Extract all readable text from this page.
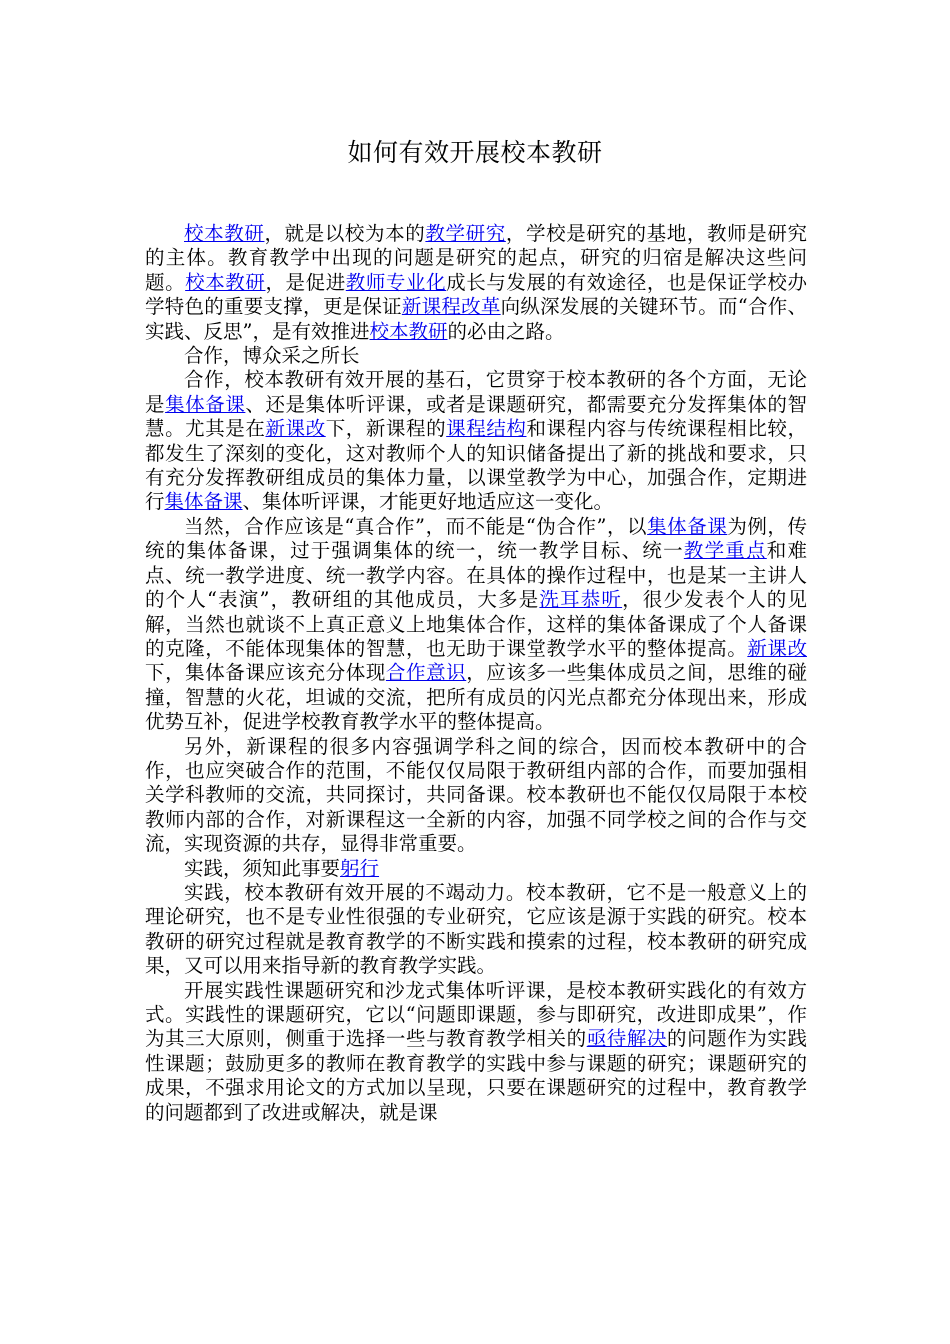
如何有效开展校本教研

校本教研，就是以校为本的教学研究，学校是研究的基地，教师是研究的主体。教育教学中出现的问题是研究的起点，研究的归宿是解决这些问题。校本教研，是促进教师专业化成长与发展的有效途径，也是保证学校办学特色的重要支撑，更是保证新课程改革向纵深发展的关键环节。而“合作、实践、反思”，是有效推进校本教研的必由之路。

合作，博众采之所长

合作，校本教研有效开展的基石，它贯穿于校本教研的各个方面，无论是集体备课、还是集体听评课，或者是课题研究，都需要充分发挥集体的智慧。尤其是在新课改下，新课程的课程结构和课程内容与传统课程相比较，都发生了深刻的变化，这对教师个人的知识储备提出了新的挑战和要求，只有充分发挥教研组成员的集体力量，以课堂教学为中心，加强合作，定期进行集体备课、集体听评课，才能更好地适应这一变化。

当然，合作应该是“真合作”，而不能是“伪合作”，以集体备课为例，传统的集体备课，过于强调集体的统一，统一教学目标、统一教学重点和难点、统一教学进度、统一教学内容。在具体的操作过程中，也是某一主讲人的个人“表演”，教研组的其他成员，大多是洗耳恭听，很少发表个人的见解，当然也就谈不上真正意义上地集体合作，这样的集体备课成了个人备课的克隆，不能体现集体的智慧，也无助于课堂教学水平的整体提高。新课改下，集体备课应该充分体现合作意识，应该多一些集体成员之间，思维的碰撞，智慧的火花，坦诚的交流，把所有成员的闪光点都充分体现出来，形成优势互补，促进学校教育教学水平的整体提高。

另外，新课程的很多内容强调学科之间的综合，因而校本教研中的合作，也应突破合作的范围，不能仅仅局限于教研组内部的合作，而要加强相关学科教师的交流，共同探讨，共同备课。校本教研也不能仅仅局限于本校教师内部的合作，对新课程这一全新的内容，加强不同学校之间的合作与交流，实现资源的共存，显得非常重要。

实践，须知此事要躬行

实践，校本教研有效开展的不竭动力。校本教研，它不是一般意义上的理论研究，也不是专业性很强的专业研究，它应该是源于实践的研究。校本教研的研究过程就是教育教学的不断实践和摸索的过程，校本教研的研究成果，又可以用来指导新的教育教学实践。

开展实践性课题研究和沙龙式集体听评课，是校本教研实践化的有效方式。实践性的课题研究，它以“问题即课题，参与即研究，改进即成果”，作为其三大原则，侧重于选择一些与教育教学相关的亟待解决的问题作为实践性课题；鼓励更多的教师在教育教学的实践中参与课题的研究；课题研究的成果，不强求用论文的方式加以呈现，只要在课题研究的过程中，教育教学的问题都到了改进或解决，就是课
